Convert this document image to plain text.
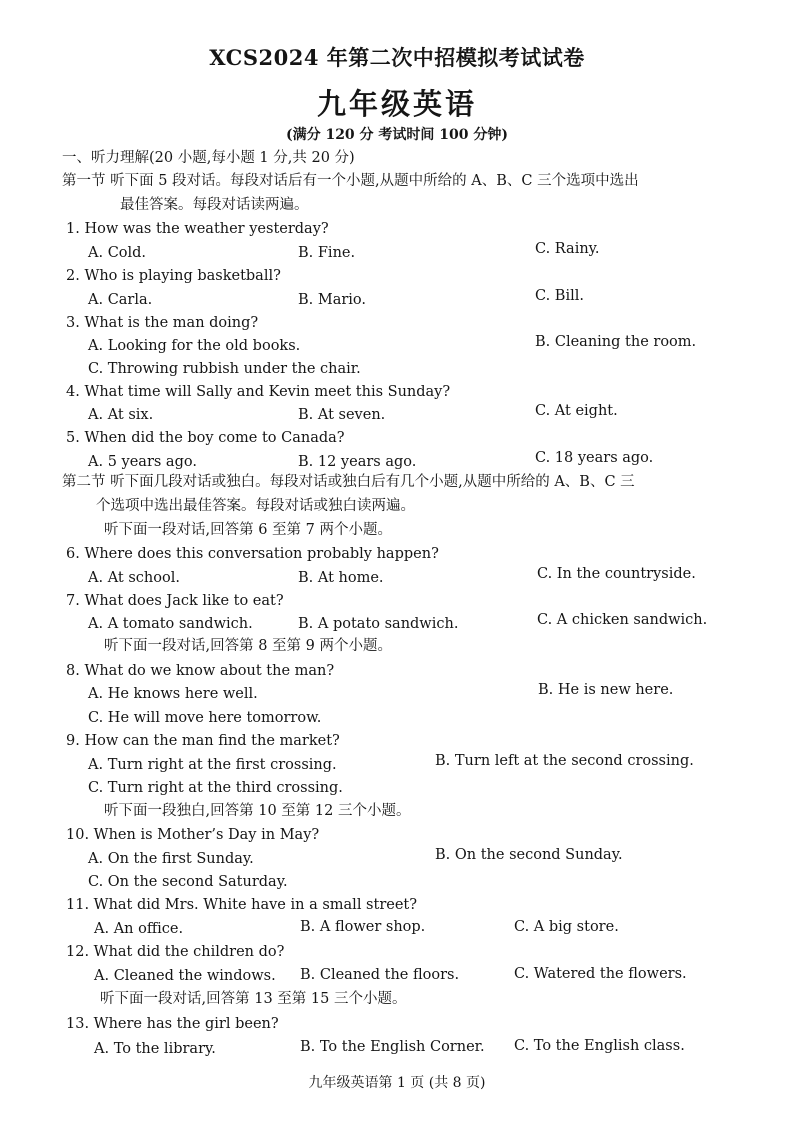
XCS2024 年第二次中招模拟考试试卷
九年级英语
(满分 120 分 考试时间 100 分钟)
一、听力理解(20 小题,每小题 1 分,共 20 分)
第一节 听下面 5 段对话。每段对话后有一个小题,从题中所给的 A、B、C 三个选项中选出
最佳答案。每段对话读两遍。
1. How was the weather yesterday?
A. Cold.	B. Fine.	C. Rainy.
2. Who is playing basketball?
A. Carla.	B. Mario.	C. Bill.
3. What is the man doing?
A. Looking for the old books.	B. Cleaning the room.
C. Throwing rubbish under the chair.
4. What time will Sally and Kevin meet this Sunday?
A. At six.	B. At seven.	C. At eight.
5. When did the boy come to Canada?
A. 5 years ago.	B. 12 years ago.	C. 18 years ago.
第二节 听下面几段对话或独白。每段对话或独白后有几个小题,从题中所给的 A、B、C 三
个选项中选出最佳答案。每段对话或独白读两遍。
听下面一段对话,回答第 6 至第 7 两个小题。
6. Where does this conversation probably happen?
A. At school.	B. At home.	C. In the countryside.
7. What does Jack like to eat?
A. A tomato sandwich.	B. A potato sandwich.	C. A chicken sandwich.
听下面一段对话,回答第 8 至第 9 两个小题。
8. What do we know about the man?
A. He knows here well.	B. He is new here.
C. He will move here tomorrow.
9. How can the man find the market?
A. Turn right at the first crossing.	B. Turn left at the second crossing.
C. Turn right at the third crossing.
听下面一段独白,回答第 10 至第 12 三个小题。
10. When is Mother’s Day in May?
A. On the first Sunday.	B. On the second Sunday.
C. On the second Saturday.
11. What did Mrs. White have in a small street?
A. An office.	B. A flower shop.	C. A big store.
12. What did the children do?
A. Cleaned the windows. B. Cleaned the floors.	C. Watered the flowers.
听下面一段对话,回答第 13 至第 15 三个小题。
13. Where has the girl been?
A. To the library.	B. To the English Corner. C. To the English class.
九年级英语第 1 页 (共 8 页)
